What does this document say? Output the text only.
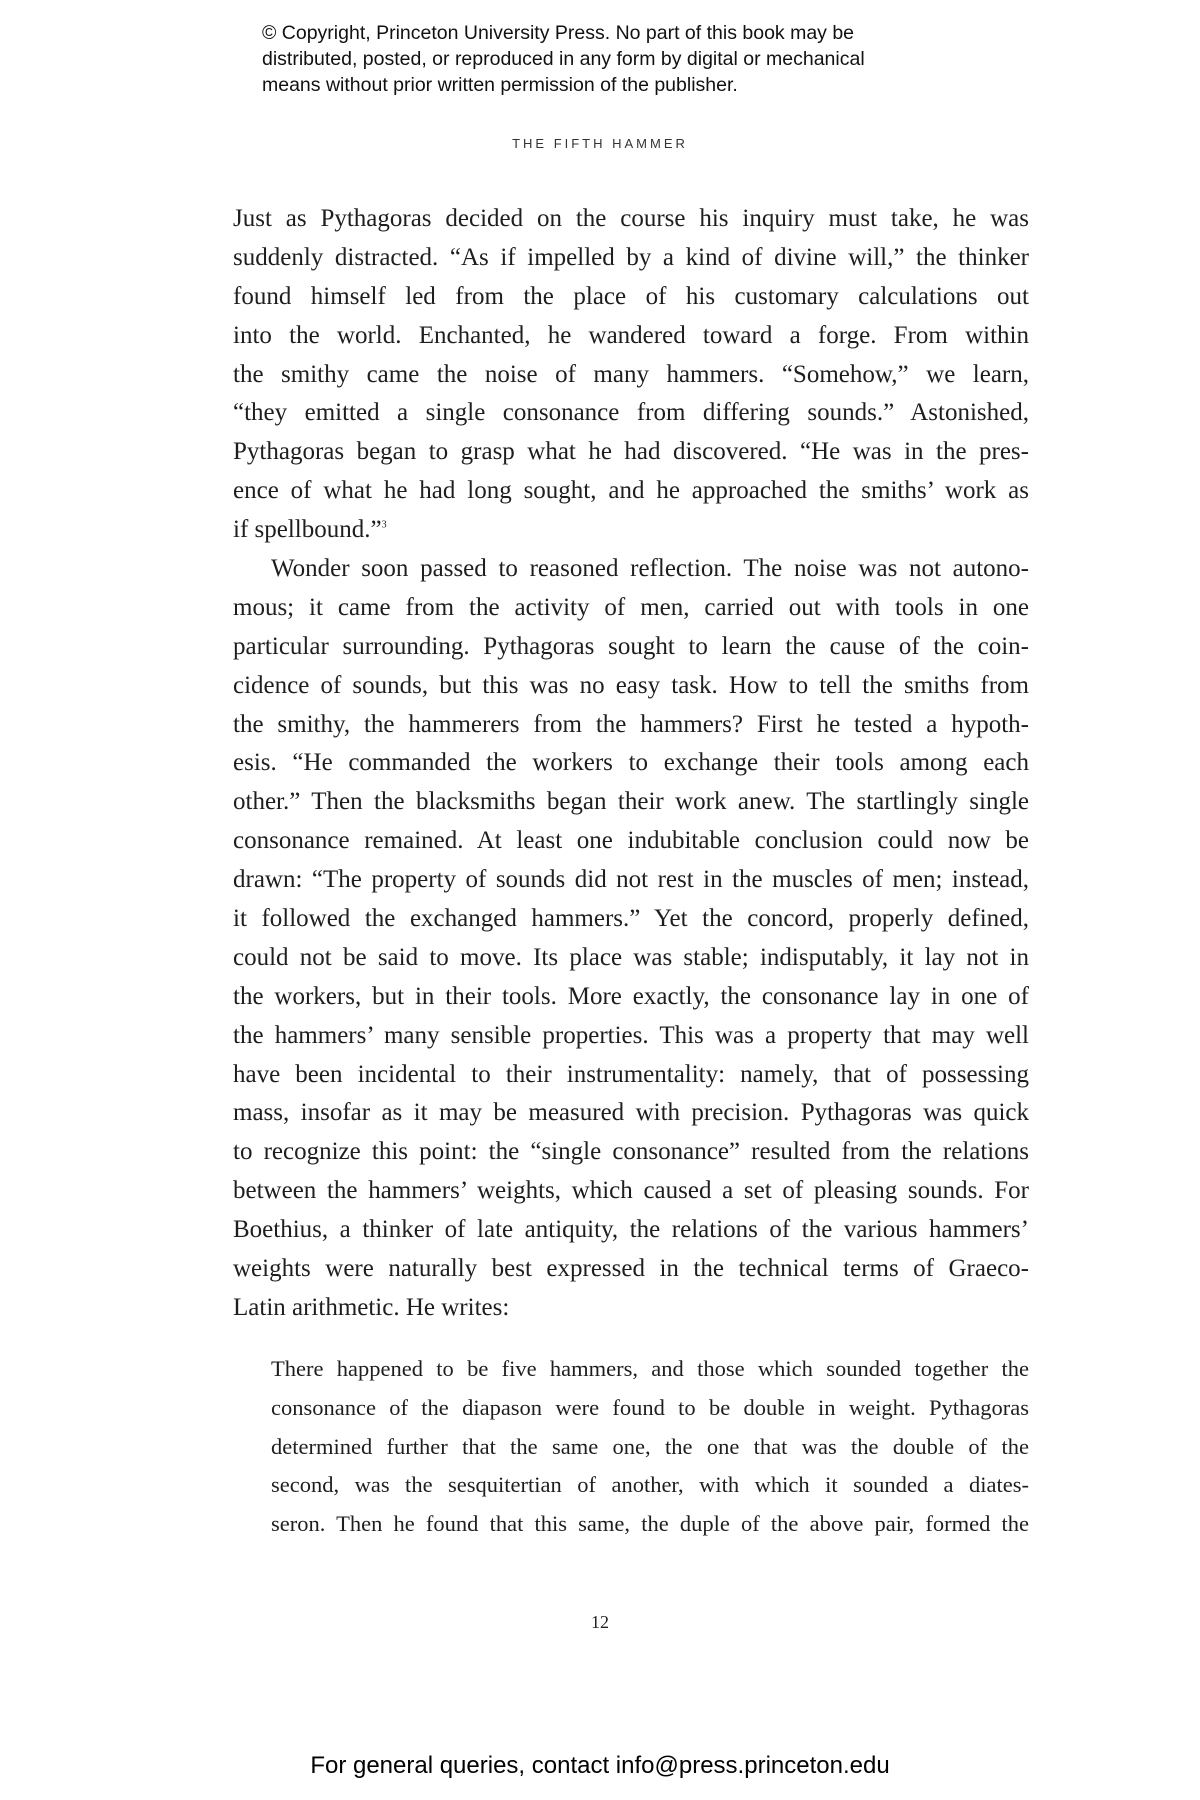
© Copyright, Princeton University Press. No part of this book may be
distributed, posted, or reproduced in any form by digital or mechanical
means without prior written permission of the publisher.
THE FIFTH HAMMER
Just as Pythagoras decided on the course his inquiry must take, he was
suddenly distracted. “As if impelled by a kind of divine will,” the thinker
found himself led from the place of his customary calculations out
into the world. Enchanted, he wandered toward a forge. From within
the smithy came the noise of many hammers. “Somehow,” we learn,
“they emitted a single consonance from differing sounds.” Astonished,
Pythagoras began to grasp what he had discovered. “He was in the pres-
ence of what he had long sought, and he approached the smiths’ work as
if spellbound.”$^3$
Wonder soon passed to reasoned reflection. The noise was not autono-
mous; it came from the activity of men, carried out with tools in one
particular surrounding. Pythagoras sought to learn the cause of the coin-
cidence of sounds, but this was no easy task. How to tell the smiths from
the smithy, the hammerers from the hammers? First he tested a hypoth-
esis. “He commanded the workers to exchange their tools among each
other.” Then the blacksmiths began their work anew. The startlingly single
consonance remained. At least one indubitable conclusion could now be
drawn: “The property of sounds did not rest in the muscles of men; instead,
it followed the exchanged hammers.” Yet the concord, properly defined,
could not be said to move. Its place was stable; indisputably, it lay not in
the workers, but in their tools. More exactly, the consonance lay in one of
the hammers’ many sensible properties. This was a property that may well
have been incidental to their instrumentality: namely, that of possessing
mass, insofar as it may be measured with precision. Pythagoras was quick
to recognize this point: the “single consonance” resulted from the relations
between the hammers’ weights, which caused a set of pleasing sounds. For
Boethius, a thinker of late antiquity, the relations of the various hammers’
weights were naturally best expressed in the technical terms of Graeco-
Latin arithmetic. He writes:
There happened to be five hammers, and those which sounded together the
consonance of the diapason were found to be double in weight. Pythagoras
determined further that the same one, the one that was the double of the
second, was the sesquitertian of another, with which it sounded a diates-
seron. Then he found that this same, the duple of the above pair, formed the
12
For general queries, contact info@press.princeton.edu
